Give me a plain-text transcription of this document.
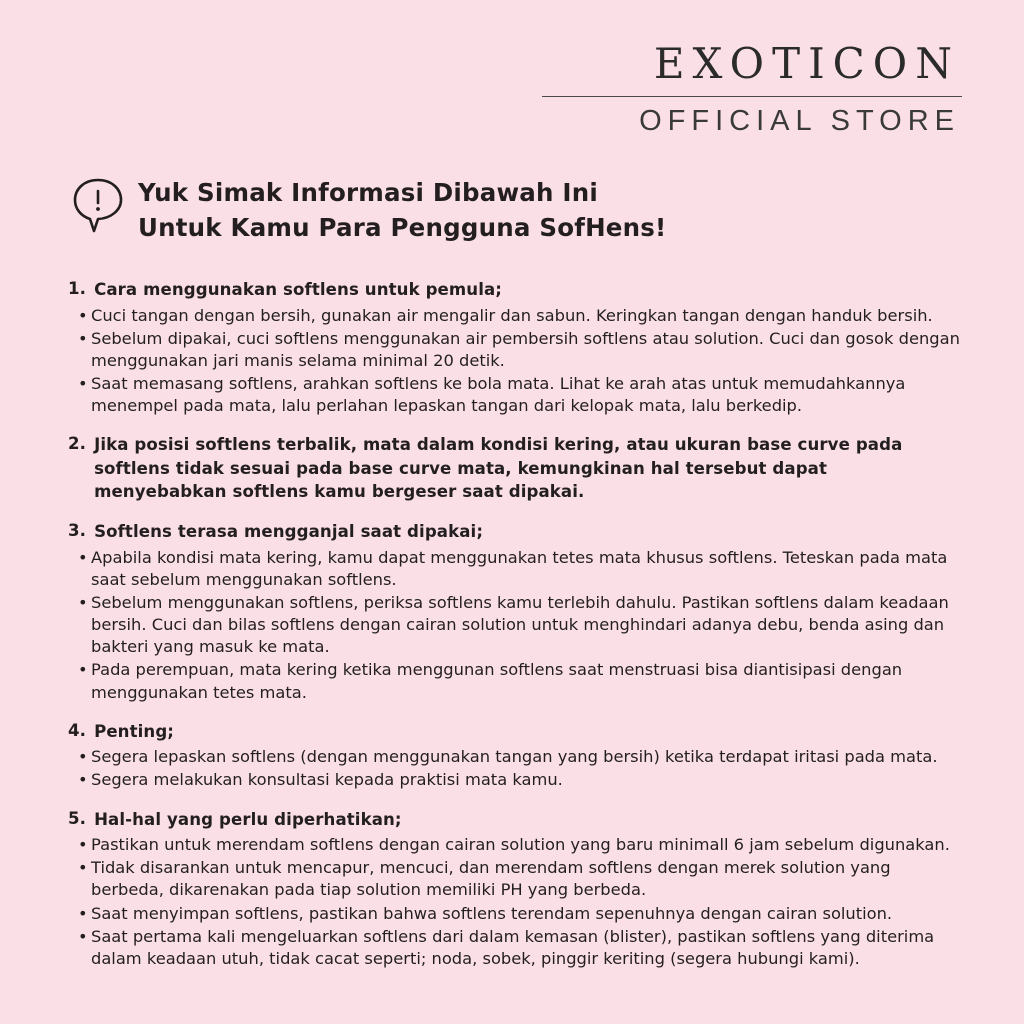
EXOTICON
OFFICIAL STORE
Yuk Simak Informasi Dibawah Ini
Untuk Kamu Para Pengguna SofHens!
1. Cara menggunakan softlens untuk pemula;
• Cuci tangan dengan bersih, gunakan air mengalir dan sabun. Keringkan tangan dengan handuk bersih.
• Sebelum dipakai, cuci softlens menggunakan air pembersih softlens atau solution. Cuci dan gosok dengan menggunakan jari manis selama minimal 20 detik.
• Saat memasang softlens, arahkan softlens ke bola mata. Lihat ke arah atas untuk memudahkannya menempel pada mata, lalu perlahan lepaskan tangan dari kelopak mata, lalu berkedip.
2. Jika posisi softlens terbalik, mata dalam kondisi kering, atau ukuran base curve pada softlens tidak sesuai pada base curve mata, kemungkinan hal tersebut dapat menyebabkan softlens kamu bergeser saat dipakai.
3. Softlens terasa mengganjal saat dipakai;
• Apabila kondisi mata kering, kamu dapat menggunakan tetes mata khusus softlens. Teteskan pada mata saat sebelum menggunakan softlens.
• Sebelum menggunakan softlens, periksa softlens kamu terlebih dahulu. Pastikan softlens dalam keadaan bersih. Cuci dan bilas softlens dengan cairan solution untuk menghindari adanya debu, benda asing dan bakteri yang masuk ke mata.
• Pada perempuan, mata kering ketika menggunan softlens saat menstruasi bisa diantisipasi dengan menggunakan tetes mata.
4. Penting;
• Segera lepaskan softlens (dengan menggunakan tangan yang bersih) ketika terdapat iritasi pada mata.
• Segera melakukan konsultasi kepada praktisi mata kamu.
5. Hal-hal yang perlu diperhatikan;
• Pastikan untuk merendam softlens dengan cairan solution yang baru minimall 6 jam sebelum digunakan.
• Tidak disarankan untuk mencapur, mencuci, dan merendam softlens dengan merek solution yang berbeda, dikarenakan pada tiap solution memiliki PH yang berbeda.
• Saat menyimpan softlens, pastikan bahwa softlens terendam sepenuhnya dengan cairan solution.
• Saat pertama kali mengeluarkan softlens dari dalam kemasan (blister), pastikan softlens yang diterima dalam keadaan utuh, tidak cacat seperti; noda, sobek, pinggir keriting (segera hubungi kami).
